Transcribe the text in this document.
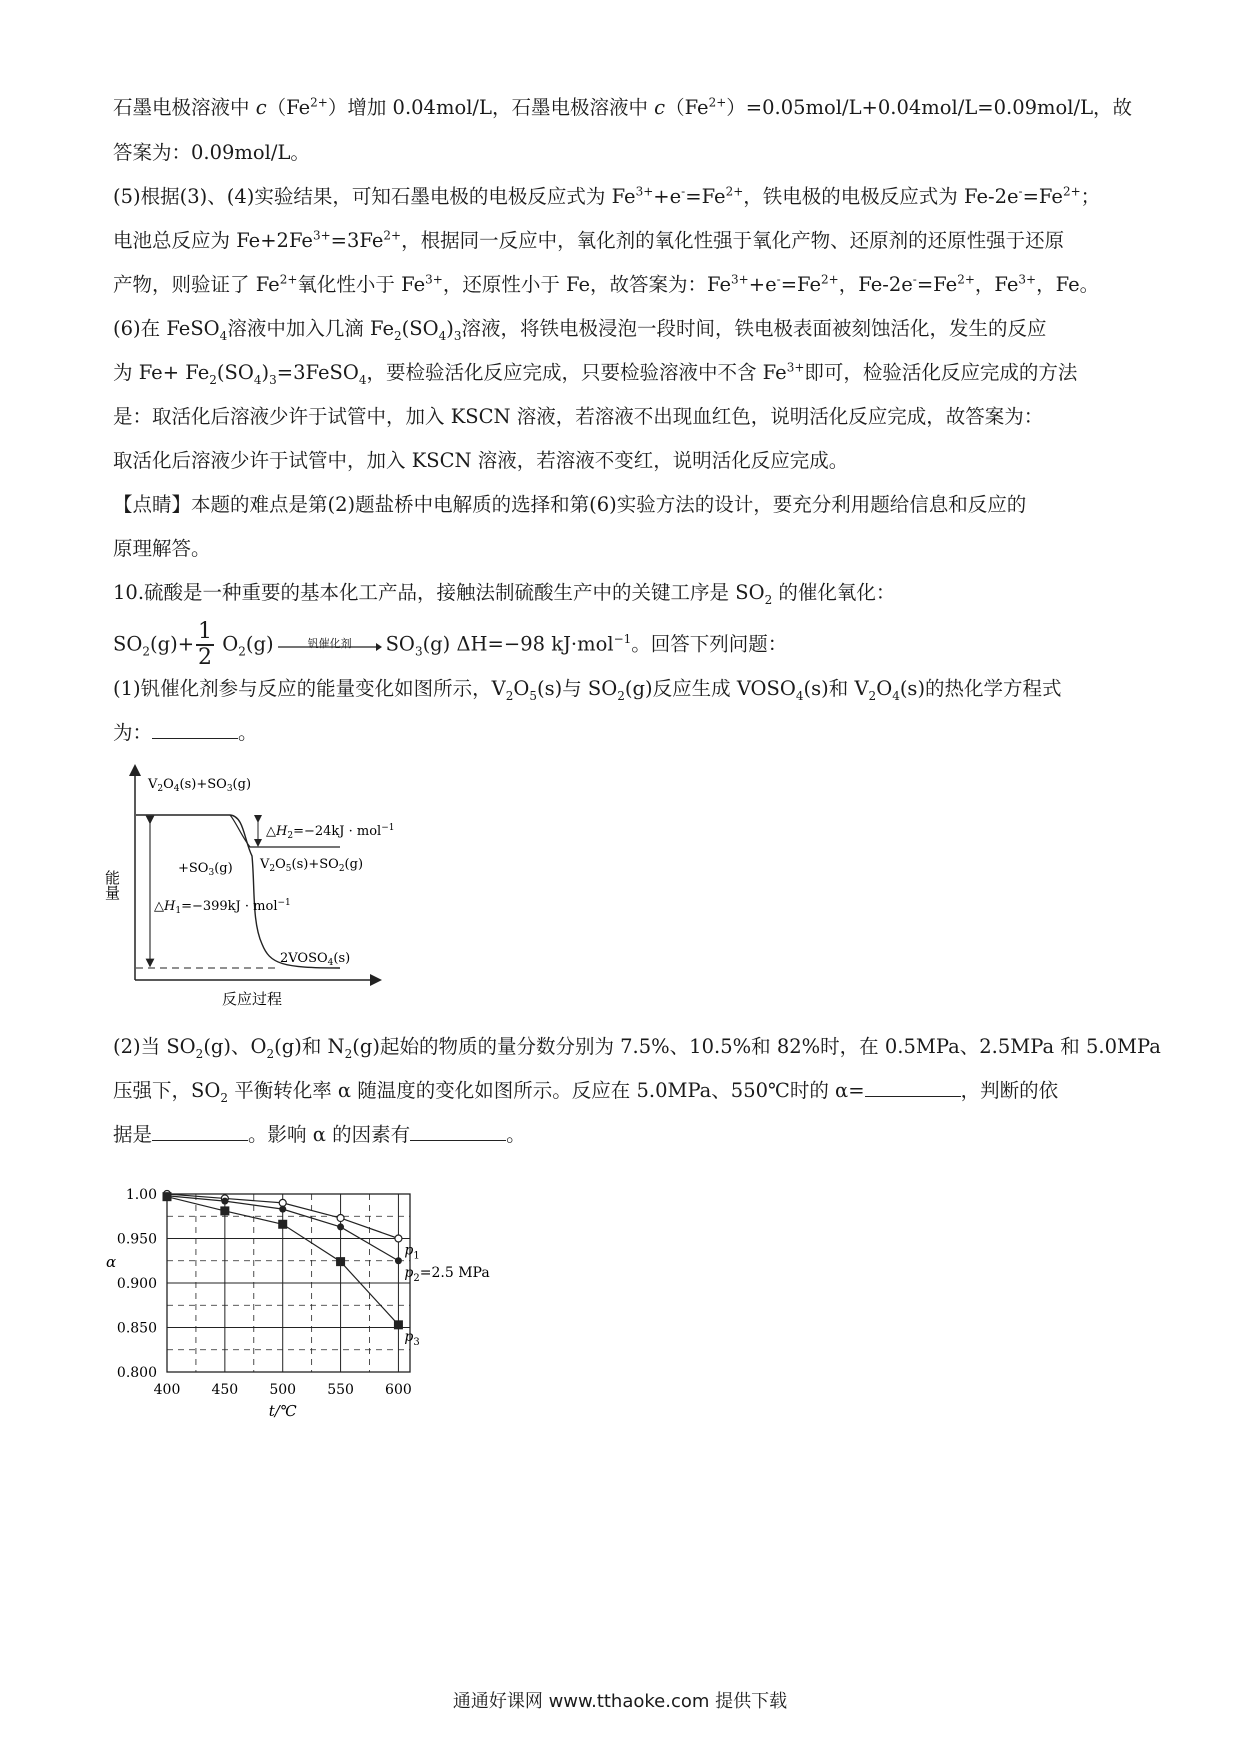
石墨电极溶液中 $c(Fe^{2+})$增加 0.04mol/L，石墨电极溶液中 $c(Fe^{2+})=0.05mol/L+0.04mol/L=0.09mol/L$，故
答案为：0.09mol/L。
(5)根据(3)、(4)实验结果，可知石墨电极的电极反应式为 $Fe^{3+}+e^-=Fe^{2+}$，铁电极的电极反应式为 $Fe-2e^-=Fe^{2+}$；
电池总反应为 $Fe+2Fe^{3+}=3Fe^{2+}$，根据同一反应中，氧化剂的氧化性强于氧化产物、还原剂的还原性强于还原
产物，则验证了 $Fe^{2+}$氧化性小于 $Fe^{3+}$，还原性小于 Fe，故答案为：$Fe^{3+}+e^-=Fe^{2+}$，$Fe-2e^-=Fe^{2+}$，$Fe^{3+}$，Fe。
(6)在 FeSO$_4$溶液中加入几滴 $Fe_2(SO_4)_3$溶液，将铁电极浸泡一段时间，铁电极表面被刻蚀活化，发生的反应
为 $Fe+ Fe_2(SO_4)_3=3FeSO_4$，要检验活化反应完成，只要检验溶液中不含 $Fe^{3+}$即可，检验活化反应完成的方法
是：取活化后溶液少许于试管中，加入 KSCN 溶液，若溶液不出现血红色，说明活化反应完成，故答案为：
取活化后溶液少许于试管中，加入 KSCN 溶液，若溶液不变红，说明活化反应完成。
【点睛】本题的难点是第(2)题盐桥中电解质的选择和第(6)实验方法的设计，要充分利用题给信息和反应的
原理解答。
10.硫酸是一种重要的基本化工产品，接触法制硫酸生产中的关键工序是 $SO_2$ 的催化氧化：
$SO_2(g)+ \frac{1}{2} O_2(g)$	钒催化剂	$SO_3(g)$ ΔH=−98 kJ·mol$^{-1}$。回答下列问题：
(1)钒催化剂参与反应的能量变化如图所示，$V_2O_5(s)$与 $SO_2(g)$反应生成 $VOSO_4(s)$和 $V_2O_4(s)$的热化学方程式
为：	。
$V_2O_4(s)+SO_3(g)$
$\triangle H_2=-24kJ \cdot mol^{-1}$
$V_2O_5(s)+SO_2(g)$
$+SO_3(g)$
$\triangle H_1=-399kJ \cdot mol^{-1}$
$2VOSO_4(s)$
能量
反应过程
(2)当 $SO_2(g)$、$O_2(g)$和 $N_2(g)$起始的物质的量分数分别为 7.5%、10.5%和 82%时，在 0.5MPa、2.5MPa 和 5.0MPa
压强下，$SO_2$ 平衡转化率 α 随温度的变化如图所示。反应在 5.0MPa、550℃时的 α=	，判断的依
据是	。影响 α 的因素有	。
1.00
0.950
0.900
0.850
0.800
400 450 500 550 600
α
t/℃
$p_1$
$p_2=2.5$ MPa
$p_3$
通通好课网 www.tthaoke.com 提供下载
